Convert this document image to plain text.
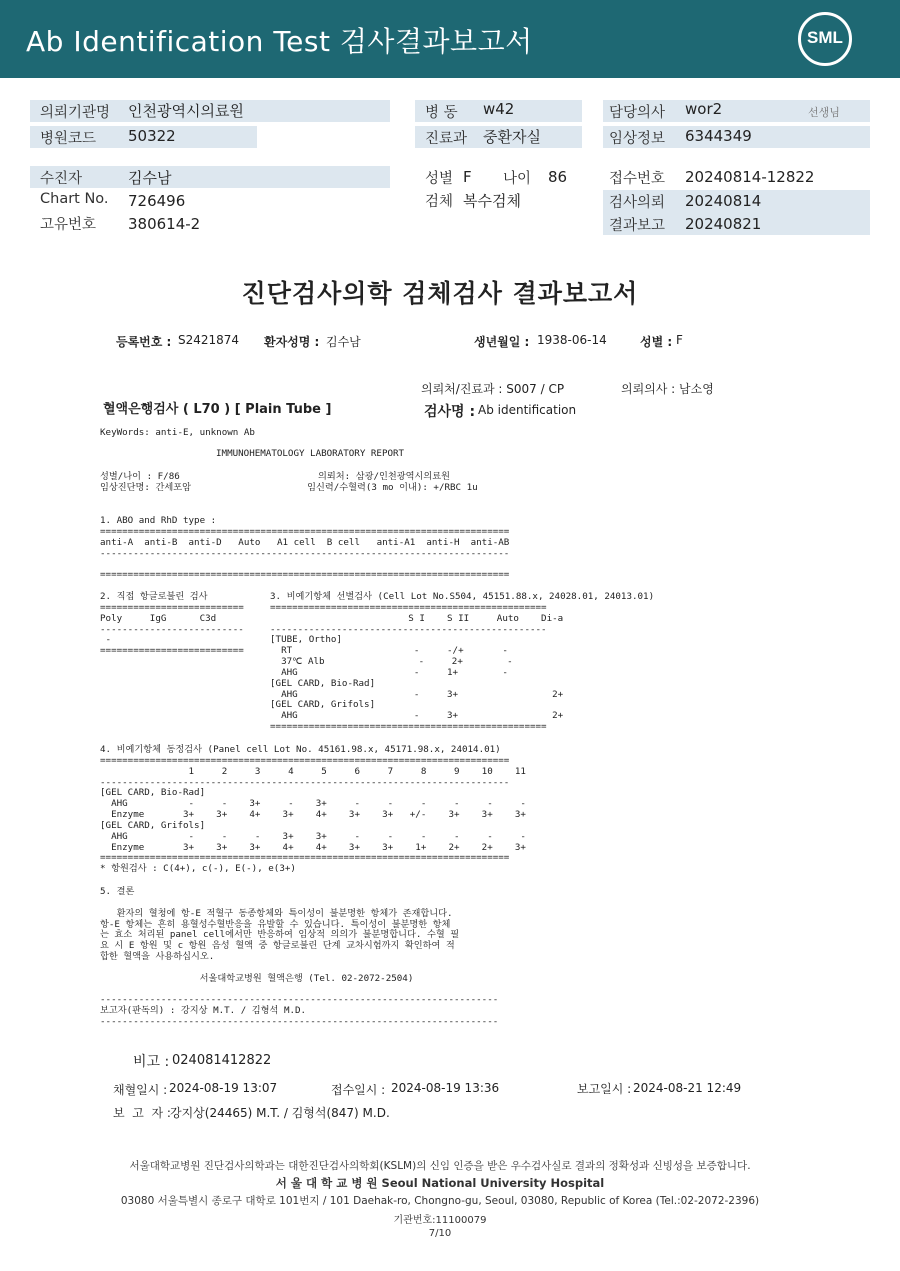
Ab Identification Test 검사결과보고서	SML
의뢰기관명 인천광역시의료원
병원코드 50322
병 동 w42
진료과 중환자실
담당의사 wor2	선생님
임상정보 6344349
수진자	김수남
Chart No. 726496
고유번호 380614-2
성별 F 나이 86
검체 복수검체
접수번호 20240814-12822
검사의뢰 20240814
결과보고 20240821
진단검사의학 검체검사 결과보고서
등록번호 : S2421874 환자성명 : 김수남	생년월일 : 1938-06-14	성별 : F
의뢰처/진료과 : S007 / CP	의뢰의사 : 남소영
혈액은행검사 ( L70 ) [ Plain Tube ]	검사명 : Ab identification
KeyWords: anti-E, unknown Ab
IMMUNOHEMATOLOGY LABORATORY REPORT
성별/나이 : F/86                         의뢰처: 삼광/인천광역시의료원
임상진단명: 간세포암                     임신력/수혈력(3 mo 이내): +/RBC 1u
1. ABO and RhD type :
==========================================================================
anti-A  anti-B  anti-D   Auto   A1 cell  B cell   anti-A1  anti-H  anti-AB
--------------------------------------------------------------------------

==========================================================================
2. 직접 항글로불린 검사
==========================
Poly     IgG      C3d
--------------------------
-
==========================
3. 비예기항체 선별검사 (Cell Lot No.S504, 45151.88.x, 24028.01, 24013.01)
==================================================
S I    S II     Auto    Di-a
--------------------------------------------------
[TUBE, Ortho]
RT                      -     -/+       -
37℃ Alb                 -     2+        -
AHG                     -     1+        -
[GEL CARD, Bio-Rad]
AHG                     -     3+                 2+
[GEL CARD, Grifols]
AHG                     -     3+                 2+
==================================================
4. 비예기항체 동정검사 (Panel cell Lot No. 45161.98.x, 45171.98.x, 24014.01)
==========================================================================
1     2     3     4     5     6     7     8     9    10    11
--------------------------------------------------------------------------
[GEL CARD, Bio-Rad]
AHG           -     -    3+     -    3+     -     -     -     -     -     -
Enzyme       3+    3+    4+    3+    4+    3+    3+   +/-    3+    3+    3+
[GEL CARD, Grifols]
AHG           -     -     -    3+    3+     -     -     -     -     -     -
Enzyme       3+    3+    3+    4+    4+    3+    3+    1+    2+    2+    3+
==========================================================================
* 항원검사 : C(4+), c(-), E(-), e(3+)
5. 결론

환자의 혈청에 항-E 적혈구 동종항체와 특이성이 불분명한 항체가 존재합니다.
항-E 항체는 흔히 용혈성수혈반응을 유발할 수 있습니다. 특이성이 불분명한 항체
는 효소 처리된 panel cell에서만 반응하여 임상적 의의가 불분명합니다. 수혈 필
요 시 E 항원 및 c 항원 음성 혈액 중 항글로불린 단계 교차시험까지 확인하여 적
합한 혈액을 사용하십시오.

서울대학교병원 혈액은행 (Tel. 02-2072-2504)

------------------------------------------------------------------------
보고자(판독의) : 강지상 M.T. / 김형석 M.D.
------------------------------------------------------------------------
비고 : 024081412822
채혈일시 : 2024-08-19 13:07	접수일시 : 2024-08-19 13:36	보고일시 : 2024-08-21 12:49
보  고  자 : 강지상(24465) M.T. / 김형석(847) M.D.
서울대학교병원 진단검사의학과는 대한진단검사의학회(KSLM)의 신임 인증을 받은 우수검사실로 결과의 정확성과 신빙성을 보증합니다.
서 울 대 학 교 병 원 Seoul National University Hospital
03080 서울특별시 종로구 대학로 101번지 / 101 Daehak-ro, Chongno-gu, Seoul, 03080, Republic of Korea (Tel.:02-2072-2396)
기관번호:11100079
7/10
